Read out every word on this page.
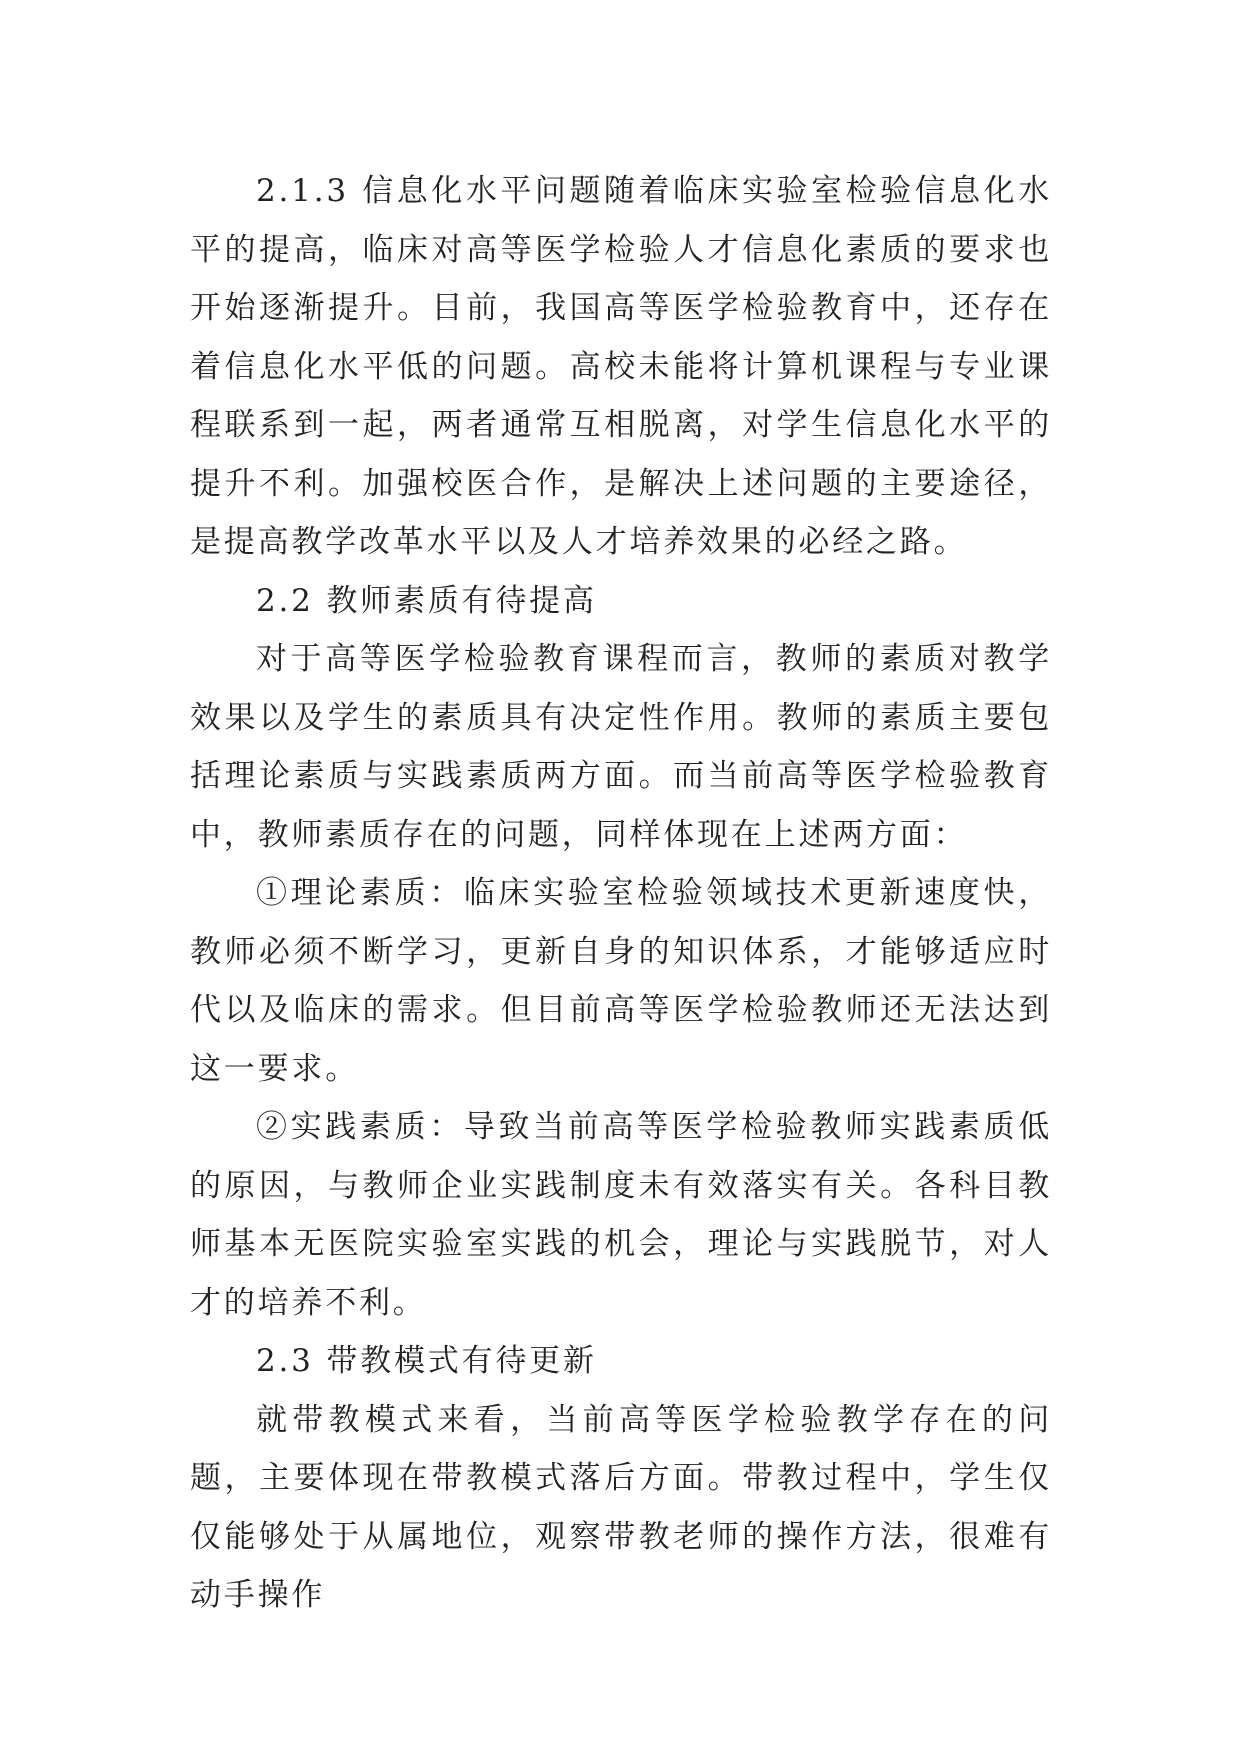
2.1.3 信息化水平问题随着临床实验室检验信息化水平的提高，临床对高等医学检验人才信息化素质的要求也开始逐渐提升。目前，我国高等医学检验教育中，还存在着信息化水平低的问题。高校未能将计算机课程与专业课程联系到一起，两者通常互相脱离，对学生信息化水平的提升不利。加强校医合作，是解决上述问题的主要途径，是提高教学改革水平以及人才培养效果的必经之路。

2.2 教师素质有待提高

对于高等医学检验教育课程而言，教师的素质对教学效果以及学生的素质具有决定性作用。教师的素质主要包括理论素质与实践素质两方面。而当前高等医学检验教育中，教师素质存在的问题，同样体现在上述两方面：

①理论素质：临床实验室检验领域技术更新速度快，教师必须不断学习，更新自身的知识体系，才能够适应时代以及临床的需求。但目前高等医学检验教师还无法达到这一要求。

②实践素质：导致当前高等医学检验教师实践素质低的原因，与教师企业实践制度未有效落实有关。各科目教师基本无医院实验室实践的机会，理论与实践脱节，对人才的培养不利。

2.3 带教模式有待更新

就带教模式来看，当前高等医学检验教学存在的问题，主要体现在带教模式落后方面。带教过程中，学生仅仅能够处于从属地位，观察带教老师的操作方法，很难有动手操作
